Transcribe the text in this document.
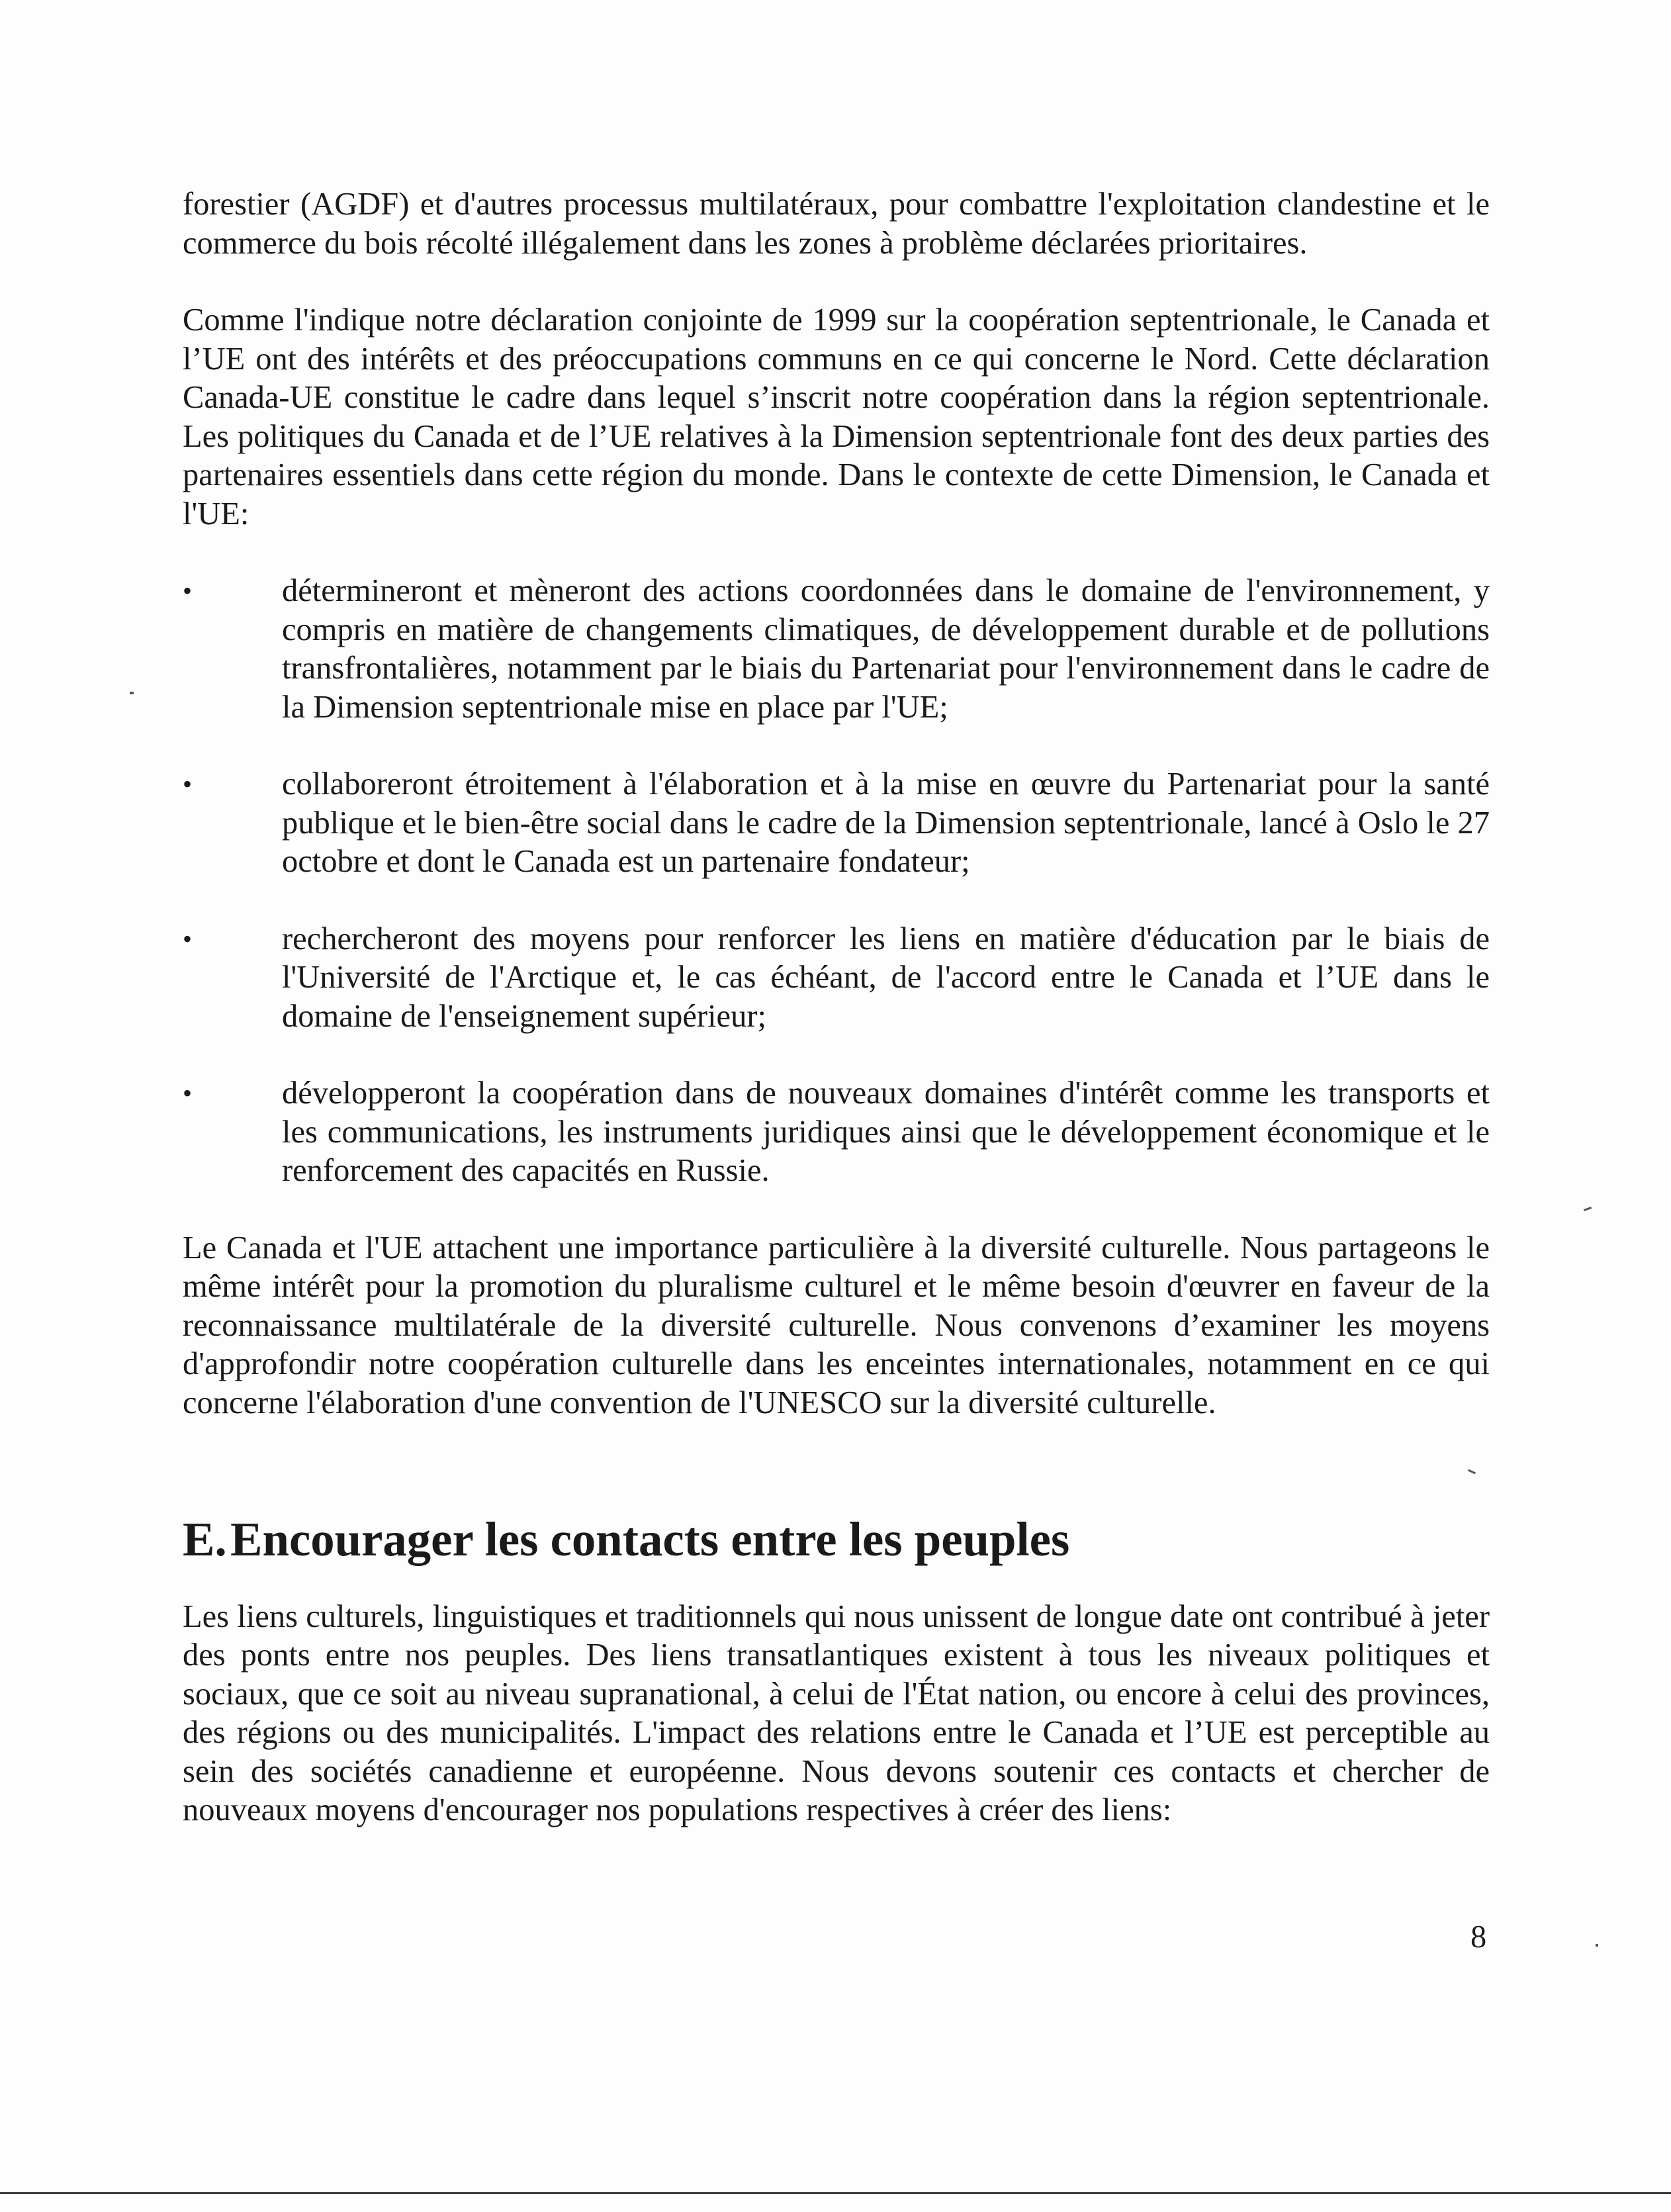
forestier (AGDF) et d'autres processus multilatéraux, pour combattre l'exploitation clandestine et le commerce du bois récolté illégalement dans les zones à problème déclarées prioritaires.

Comme l'indique notre déclaration conjointe de 1999 sur la coopération septentrionale, le Canada et l’UE ont des intérêts et des préoccupations communs en ce qui concerne le Nord. Cette déclaration Canada-UE constitue le cadre dans lequel s’inscrit notre coopération dans la région septentrionale. Les politiques du Canada et de l’UE relatives à la Dimension septentrionale font des deux parties des partenaires essentiels dans cette région du monde. Dans le contexte de cette Dimension, le Canada et l'UE:

•	détermineront et mèneront des actions coordonnées dans le domaine de l'environnement, y compris en matière de changements climatiques, de développement durable et de pollutions transfrontalières, notamment par le biais du Partenariat pour l'environnement dans le cadre de la Dimension septentrionale mise en place par l'UE;
•	collaboreront étroitement à l'élaboration et à la mise en œuvre du Partenariat pour la santé publique et le bien-être social dans le cadre de la Dimension septentrionale, lancé à Oslo le 27 octobre et dont le Canada est un partenaire fondateur;
•	rechercheront des moyens pour renforcer les liens en matière d'éducation par le biais de l'Université de l'Arctique et, le cas échéant, de l'accord entre le Canada et l’UE dans le domaine de l'enseignement supérieur;
•	développeront la coopération dans de nouveaux domaines d'intérêt comme les transports et les communications, les instruments juridiques ainsi que le développement économique et le renforcement des capacités en Russie.

Le Canada et l'UE attachent une importance particulière à la diversité culturelle. Nous partageons le même intérêt pour la promotion du pluralisme culturel et le même besoin d'œuvrer en faveur de la reconnaissance multilatérale de la diversité culturelle. Nous convenons d’examiner les moyens d'approfondir notre coopération culturelle dans les enceintes internationales, notamment en ce qui concerne l'élaboration d'une convention de l'UNESCO sur la diversité culturelle.

E.Encourager les contacts entre les peuples

Les liens culturels, linguistiques et traditionnels qui nous unissent de longue date ont contribué à jeter des ponts entre nos peuples. Des liens transatlantiques existent à tous les niveaux politiques et sociaux, que ce soit au niveau supranational, à celui de l'État nation, ou encore à celui des provinces, des régions ou des municipalités. L'impact des relations entre le Canada et l’UE est perceptible au sein des sociétés canadienne et européenne. Nous devons soutenir ces contacts et chercher de nouveaux moyens d'encourager nos populations respectives à créer des liens:

8
